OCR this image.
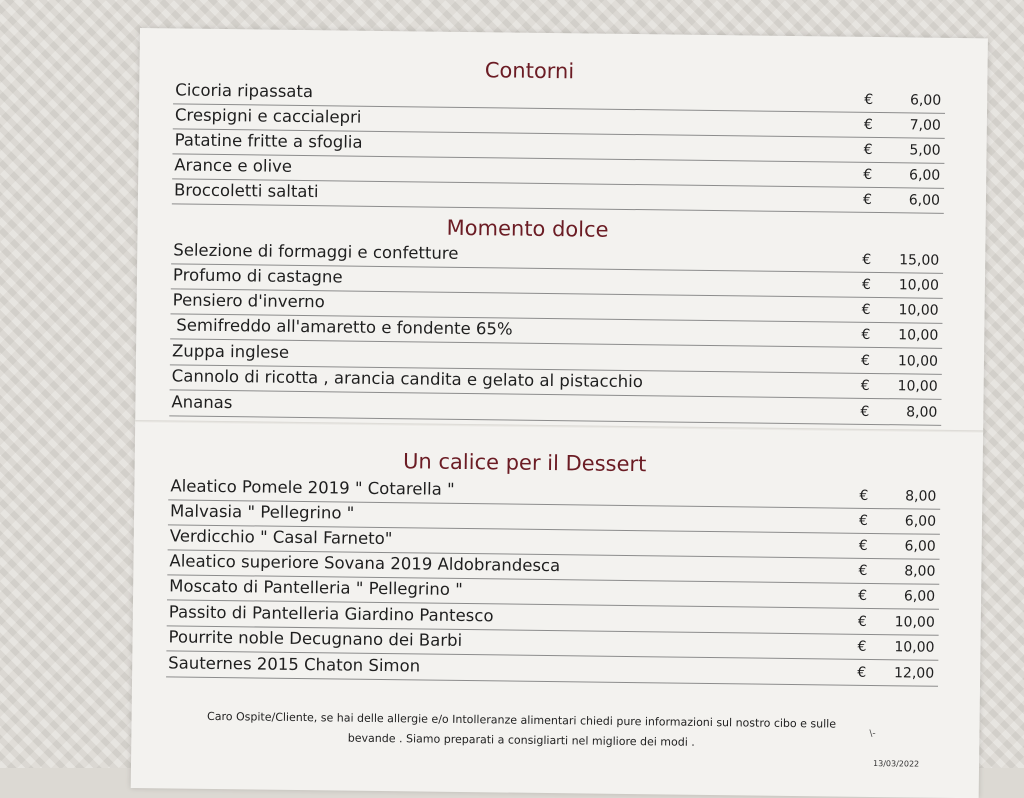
Contorni
Cicoria ripassata	€	6,00
Crespigni e caccialepri	€	7,00
Patatine fritte a sfoglia	€	5,00
Arance e olive	€	6,00
Broccoletti saltati	€	6,00
Momento dolce
Selezione di formaggi e confetture	€	15,00
Profumo di castagne	€	10,00
Pensiero d'inverno	€	10,00
Semifreddo all'amaretto e fondente 65%	€	10,00
Zuppa inglese	€	10,00
Cannolo di ricotta , arancia candita e gelato al pistacchio	€	10,00
Ananas	€	8,00
Un calice per il Dessert
Aleatico Pomele 2019 " Cotarella "	€	8,00
Malvasia " Pellegrino "	€	6,00
Verdicchio " Casal Farneto"	€	6,00
Aleatico superiore Sovana 2019 Aldobrandesca	€	8,00
Moscato di Pantelleria " Pellegrino "	€	6,00
Passito di Pantelleria Giardino Pantesco	€	10,00
Pourrite noble Decugnano dei Barbi	€	10,00
Sauternes 2015 Chaton Simon	€	12,00
Caro Ospite/Cliente, se hai delle allergie e/o Intolleranze alimentari chiedi pure informazioni sul nostro cibo e sulle
bevande . Siamo preparati a consigliarti nel migliore dei modi .	\-
13/03/2022
